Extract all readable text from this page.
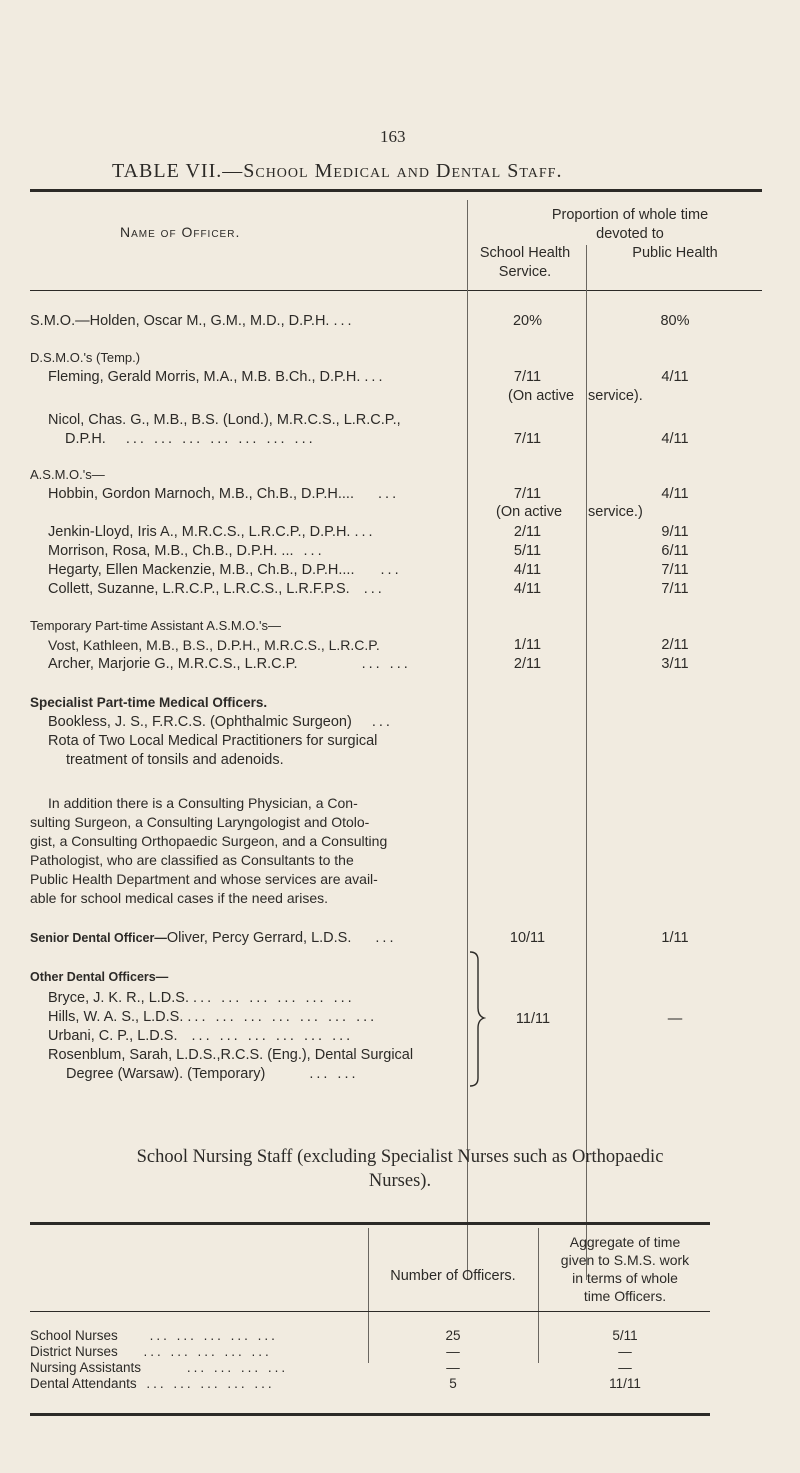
163
TABLE VII.—School Medical and Dental Staff.
Name of Officer.
Proportion of whole time
devoted to
School Health
Service.
Public Health
S.M.O.—Holden, Oscar M., G.M., M.D., D.P.H. ...	20%	80%
D.S.M.O.'s (Temp.)
Fleming, Gerald Morris, M.A., M.B. B.Ch., D.P.H. ...	7/11	4/11
(On active service).
Nicol, Chas. G., M.B., B.S. (Lond.), M.R.C.S., L.R.C.P.,
D.P.H. ... ... ... ... ... ... ...	7/11	4/11
A.S.M.O.'s—
Hobbin, Gordon Marnoch, M.B., Ch.B., D.P.H.... ...	7/11	4/11
(On active service.)
Jenkin-Lloyd, Iris A., M.R.C.S., L.R.C.P., D.P.H. ...	2/11	9/11
Morrison, Rosa, M.B., Ch.B., D.P.H. ... ...	5/11	6/11
Hegarty, Ellen Mackenzie, M.B., Ch.B., D.P.H.... ...	4/11	7/11
Collett, Suzanne, L.R.C.P., L.R.C.S., L.R.F.P.S. ...	4/11	7/11
Temporary Part-time Assistant A.S.M.O.'s—
Vost, Kathleen, M.B., B.S., D.P.H., M.R.C.S., L.R.C.P.	1/11	2/11
Archer, Marjorie G., M.R.C.S., L.R.C.P.	... ...	2/11	3/11
Specialist Part-time Medical Officers.
Bookless, J. S., F.R.C.S. (Ophthalmic Surgeon) ...
Rota of Two Local Medical Practitioners for surgical
treatment of tonsils and adenoids.
In addition there is a Consulting Physician, a Con-
sulting Surgeon, a Consulting Laryngologist and Otolo-
gist, a Consulting Orthopaedic Surgeon, and a Consulting
Pathologist, who are classified as Consultants to the
Public Health Department and whose services are avail-
able for school medical cases if the need arises.
Senior Dental Officer—Oliver, Percy Gerrard, L.D.S. ...	10/11	1/11
Other Dental Officers—
Bryce, J. K. R., L.D.S. ... ... ... ... ... ...
Hills, W. A. S., L.D.S. ... ... ... ... ... ... ...
Urbani, C. P., L.D.S. ... ... ... ... ... ...
Rosenblum, Sarah, L.D.S.,R.C.S. (Eng.), Dental Surgical
Degree (Warsaw). (Temporary)	... ...
11/11	—
School Nursing Staff (excluding Specialist Nurses such as Orthopaedic
Nurses).
Number of Officers.
Aggregate of time
given to S.M.S. work
in terms of whole
time Officers.
School Nurses ... ... ... ... ...	25	5/11
District Nurses ... ... ... ... ...	—	—
Nursing Assistants	... ... ... ...	—	—
Dental Attendants ... ... ... ... ...	5	11/11
